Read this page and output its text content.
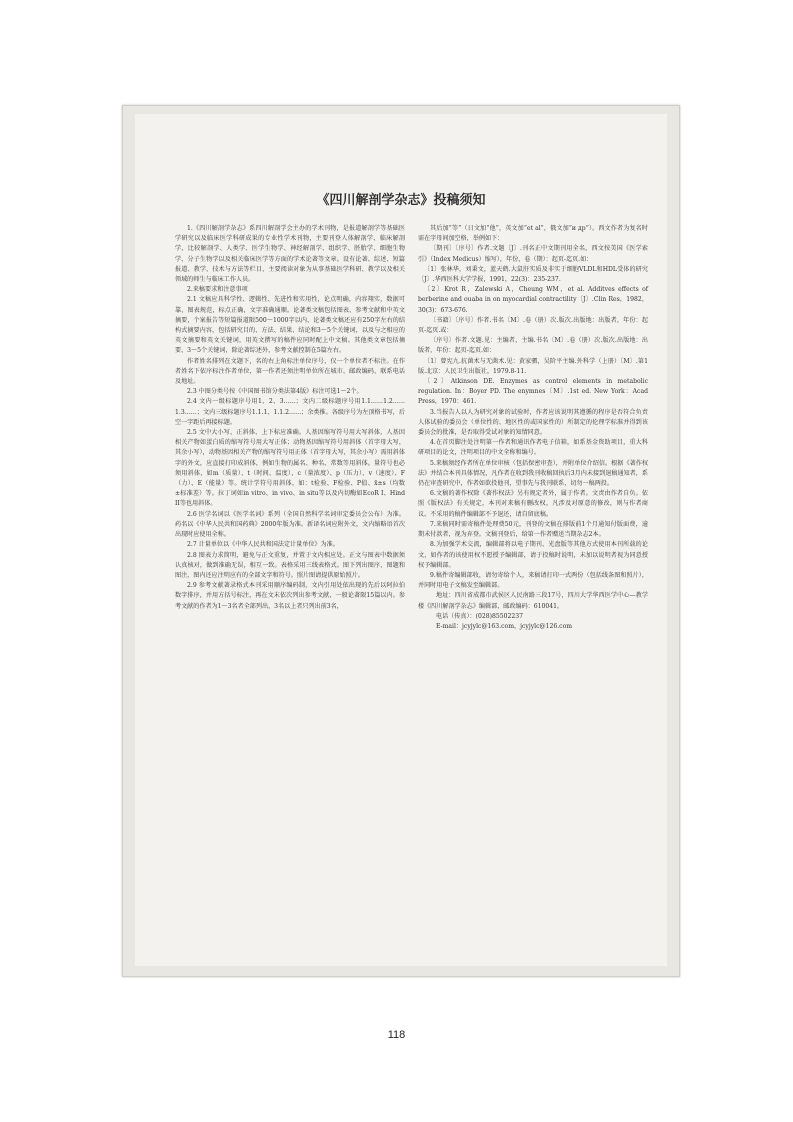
《四川解剖学杂志》投稿须知

1.《四川解剖学杂志》系四川解剖学会主办的学术刊物，是报道解剖学等基础医学研究以及临床医学科研成果的专业性学术刊物，主要刊登人体解剖学、临床解剖学、比较解剖学、人类学、医学生物学、神经解剖学、组织学、胚胎学、细胞生物学、分子生物学以及相关临床医学等方面的学术论著等文章。设有论著、综述、短篇报道、教学、技术与方法等栏目，主要阅读对象为从事基础医学科研、教学以及相关领域的师生与临床工作人员。

2.来稿要求和注意事项

2.1 文稿应具科学性、逻辑性、先进性和实用性，论点明确，内容翔实，数据可靠，图表规范，标点正确，文字准确通顺。论著类文稿包括图表、参考文献和中英文摘要，个案报告等短篇报道限500～1000字以内，论著类文稿还应有250字左右的结构式摘要内容，包括研究目的、方法、结果、结论和3～5个关键词，以及与之相应的英文摘要和英文关键词，用英文撰写的稿件应同时配上中文稿。其他类文章包括摘要、3～5个关键词，除论著综述外，参考文献控制在5篇左右。

作者姓名排列在文题下，名的右上角标注单位序号，仅一个单位者不标注。在作者姓名下依序标注作者单位，第一作者还须注明单位所在城市、邮政编码、联系电话及地址。

2.3 中图分类号按《中国图书馆分类法第4版》标注可选1～2个。

2.4 文内一级标题序号用1、2、3……；文内二级标题序号用1.1……1.2……1.3……；文内三级标题序号1.1.1、1.1.2……；余类推。各级序号为左顶格书写，后空一字距后再接标题。

2.5 文中大小写、正斜体、上下标应准确。人基因缩写符号用大写斜体，人基因相关产物如蛋白质的缩写符号用大写正体；动物基因缩写符号用斜体（首字母大写，其余小写），动物基因相关产物的缩写符号用正体（首字母大写，其余小写）需用斜体字的外文，应直接打印成斜体，例如生物的属名、种名、常数等用斜体。量符号也必须用斜体，如m（质量）、t（时间、温度）、c（量浓度）、p（压力）、v（速度）、F（力）、E（能量）等。统计学符号用斜体，如：t检验、F检验、P值、x̄±s（均数±标准差）等。拉丁词如in vitro、in vivo、in situ等以及内切酶如EcoR I、Hind II等也用斜体。

2.6 医学名词以《医学名词》系列（全国自然科学名词审定委员会公布）为准。药名以《中华人民共和国药典》2000年版为准。新译名词应附外文，文内缩略语首次出现时应使用全称。

2.7 计量单位以《中华人民共和国法定计量单位》为准。

2.8 图表力求简明，避免与正文重复，并置于文内相应处。正文与图表中数据须认真核对，做到准确无误，相互一致。表格采用三线表格式。图下列出图序，图题和图注，图内还应注明应有的全部文字和符号。照片图请提供原始照片。

2.9 参考文献著录格式本刊采用顺序编码制，文内引用处依出现的先后以阿拉伯数字排序，并用方括号标注，再在文末依次列出参考文献，一般论著限15篇以内。参考文献的作者为1～3名者全部列出，3名以上者只列出前3名，

其后加“等”（日文加“他”，英文加“et al”，俄文加“и др”）。西文作者为复名时需在字母间加空格，举例如下：

〔期刊〕〔序号〕作者.文题〔J〕.刊名正中文期刊用全名，西文按美国《医学索引》（Index Medicus）缩写），年份，卷（期）：起页-迄页.如：

〔1〕张林华，刘秉文，蓝天鹤.大鼠肝实质及非实于细胞VLDL和HDL受体的研究〔J〕.华西医科大学学报，1991，22(3)：235-237.

〔2〕Krot R，Zalewski A，Cheung WM，et al. Additves effects of berberine and ouaba in on myocardial contractility〔J〕.Clin Res，1982，30(3)：673-676.

〔书籍〕〔序号〕作者.书名〔M〕.卷（册）次.版次.出版地：出版者，年份：起页-迄页.或：

〔序号〕作者.文题.见：主编者，主编.书名〔M〕.卷（册）次.版次.出版地：出版者，年份：起页-迄页.如：

〔1〕曾宪九.抗菌术与无菌术.见：黄家驷，吴阶平主编.外科学（上册）〔M〕.第1版.北京：人民卫生出版社，1979.8-11.

〔2〕Atkinson DE. Enzymes as control elements in metabolic regulation. In：Boyer PD. The enymnes〔M〕.1st ed. New York：Acad Press，1970：461.

3.当报告人以人为研究对象的试验时，作者应该说明其遵循的程序是否符合负责人体试验的委员会（单位性的、地区性的或国家性的）所制定的伦理学标准并得到该委员会的批准，是否取得受试对象的知情同意。

4.在首页脚注处注明第一作者和通讯作者电子信箱，如系基金资助项目，重大科研项目的论文，注明项目的中文全称和编号。

5.来稿须经作者所在单位审核（包括保密审查），并附单位介绍信。根据《著作权法》并结合本刊具体情况，凡作者在收到我刊收稿回执后3月内未接到退稿通知者，系仍在审查研究中，作者如欲投他刊，望事先与我刊联系，切勿一稿两投。

6.文稿的著作权除《著作权法》另有规定者外，属于作者。文责由作者自负。依照《版权法》有关规定，本刊对来稿有删改权，凡涉及对原意的修改，则与作者商议。不采用的稿件编辑部不予退还，请自留底稿。

7.来稿同时需寄稿件处理费50元，刊登的文稿在排版前1个月通知付版面费，逾期未付款者，视为弃登。文稿刊登后，给第一作者赠送当期杂志2本。

8.为加强学术交流，编辑部将以电子期刊、光盘版等其他方式使用本刊所载的论文，如作者的该使用权不愿授予编辑部，请于投稿时说明，未加以说明者视为同意授权予编辑部。

9.稿件寄编辑部收，请勿寄给个人，来稿请打印一式两份（包括线条图和照片），并同时用电子文稿发至编辑部。

地址：四川省成都市武侯区人民南路三段17号，四川大学华西医学中心—教学楼《四川解剖学杂志》编辑部，邮政编码：610041。

电话（传真）：(028)85502237

E-mail：jcyjylc@163.com，jcyjylc@126.com

118
